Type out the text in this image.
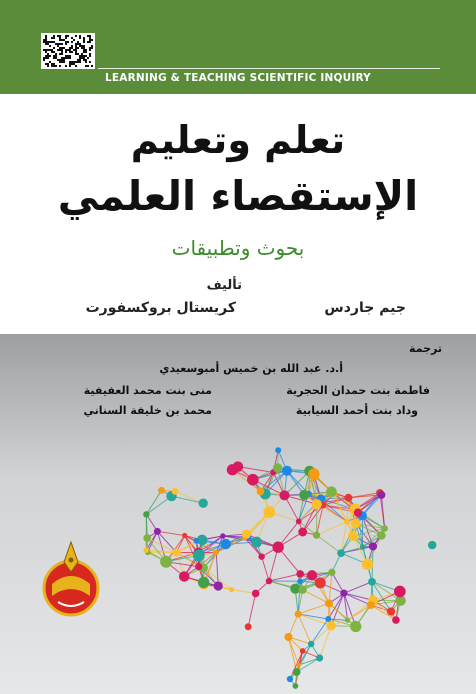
LEARNING & TEACHING SCIENTIFIC INQUIRY
تعلم وتعليم
الإستقصاء العلمي
بحوث وتطبيقات
تأليف
جيم جاردس
كريستال بروكسفورت
ترجمة
أ.د. عبد الله بن خميس أمبوسعيدي
فاطمة بنت حمدان الحجرية
منى بنت محمد العفيفية
وداد بنت أحمد السيابية
محمد بن خليفة السناني
